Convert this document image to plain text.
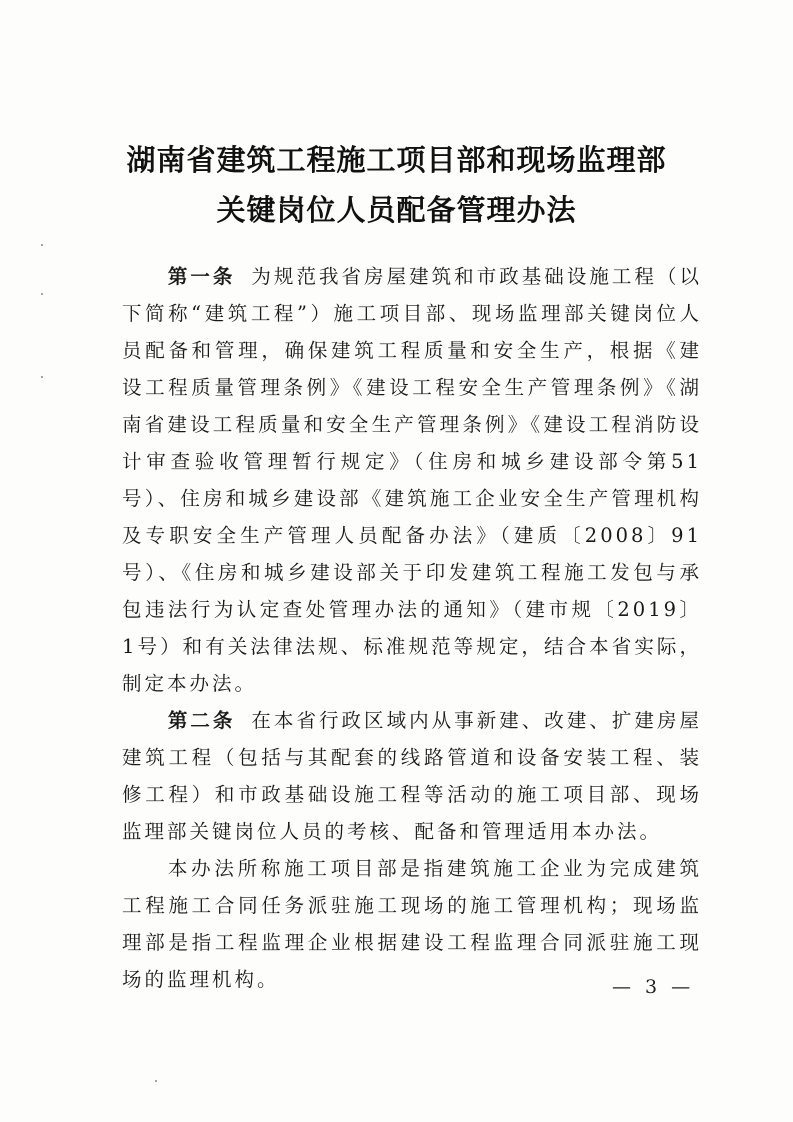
湖南省建筑工程施工项目部和现场监理部
关键岗位人员配备管理办法

第一条 为规范我省房屋建筑和市政基础设施工程（以下简称“建筑工程”）施工项目部、现场监理部关键岗位人员配备和管理，确保建筑工程质量和安全生产，根据《建设工程质量管理条例》《建设工程安全生产管理条例》《湖南省建设工程质量和安全生产管理条例》《建设工程消防设计审查验收管理暂行规定》（住房和城乡建设部令第51号）、住房和城乡建设部《建筑施工企业安全生产管理机构及专职安全生产管理人员配备办法》（建质〔2008〕91号）、《住房和城乡建设部关于印发建筑工程施工发包与承包违法行为认定查处管理办法的通知》（建市规〔2019〕1号）和有关法律法规、标准规范等规定，结合本省实际，制定本办法。

第二条 在本省行政区域内从事新建、改建、扩建房屋建筑工程（包括与其配套的线路管道和设备安装工程、装修工程）和市政基础设施工程等活动的施工项目部、现场监理部关键岗位人员的考核、配备和管理适用本办法。

本办法所称施工项目部是指建筑施工企业为完成建筑工程施工合同任务派驻施工现场的施工管理机构；现场监理部是指工程监理企业根据建设工程监理合同派驻施工现场的监理机构。	— 3 —
